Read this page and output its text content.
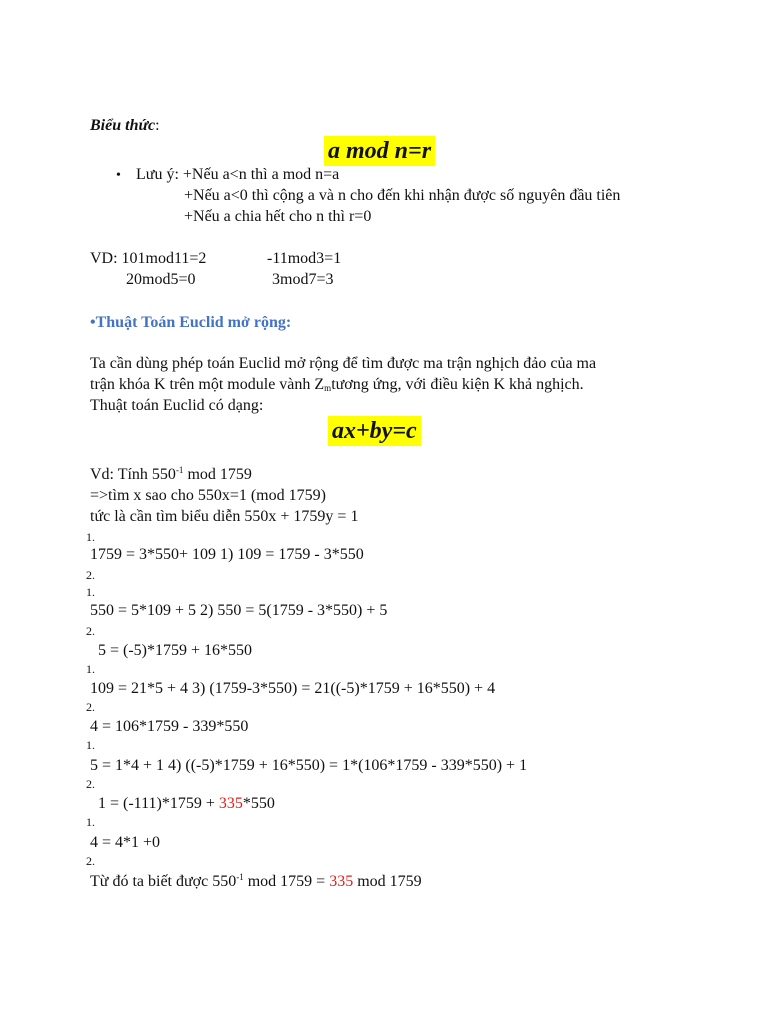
Biểu thức:
a mod n=r
• Lưu ý: +Nếu a<n thì a mod n=a
+Nếu a<0 thì cộng a và n cho đến khi nhận được số nguyên đầu tiên
+Nếu a chia hết cho n thì r=0
VD: 101mod11=2	-11mod3=1
20mod5=0	3mod7=3
•Thuật Toán Euclid mở rộng:
Ta cần dùng phép toán Euclid mở rộng để tìm được ma trận nghịch đảo của ma
trận khóa K trên một module vành $Z_mtương$ ứng, với điều kiện K khả nghịch.
Thuật toán Euclid có dạng:
ax+by=c
Vd: Tính $550^{-1}$ mod 1759
=>tìm x sao cho 550x=1 (mod 1759)
tức là cần tìm biểu diễn 550x + 1759y = 1
1.
1759 = 3*550+ 109 1) 109 = 1759 - 3*550
2.
1.
550 = 5*109 + 5 2) 550 = 5(1759 - 3*550) + 5
2.
5 = (-5)*1759 + 16*550
1.
109 = 21*5 + 4 3) (1759-3*550) = 21((-5)*1759 + 16*550) + 4
2.
4 = 106*1759 - 339*550
1.
5 = 1*4 + 1 4) ((-5)*1759 + 16*550) = 1*(106*1759 - 339*550) + 1
2.
1 = (-111)*1759 + 335*550
1.
4 = 4*1 +0
2.
Từ đó ta biết được $550^{-1}$ mod 1759 = 335 mod 1759
